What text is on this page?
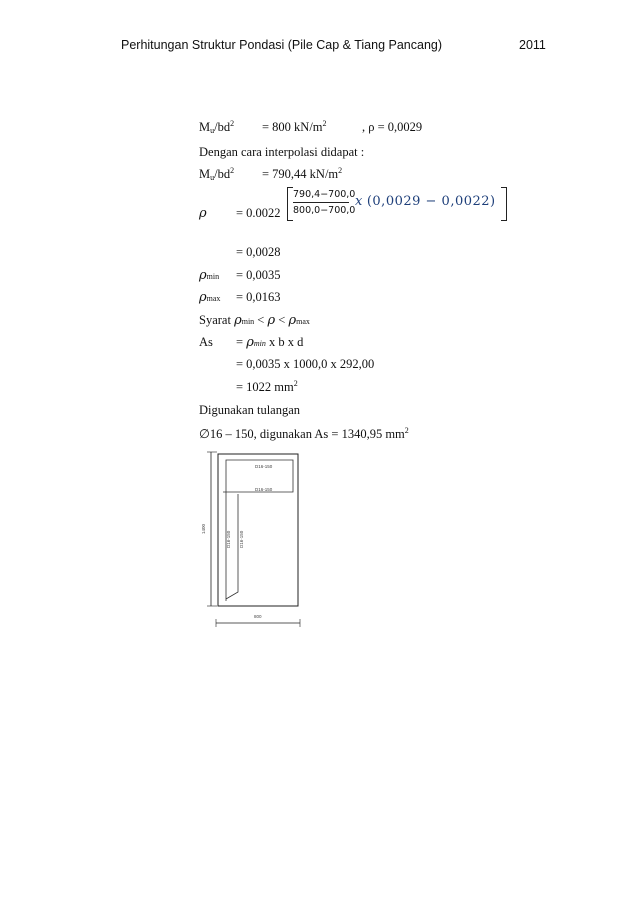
Perhitungan Struktur Pondasi (Pile Cap & Tiang Pancang)	2011
$M_u/bd^2 = 800$ $kN/m^2$	, ρ = 0,0029
Dengan cara interpolasi didapat :
$M_u/bd^2 = 790,44$ $kN/m^2$
$\rho = 0.0022 \frac{790,4-700,0}{800,0-700,0}$ x (0,0029 − 0,0022)
= 0,0028
ρmin = 0,0035
ρmax = 0,0163
Syarat ρmin < ρ < ρmax
As = ρmin x b x d
= 0,0035 x 1000,0 x 292,00
= 1022 $mm^2$
Digunakan tulangan
∅16 – 150, digunakan As = 1340,95 $mm^2$
D16-150
D16-150
D16-150 D16-150
1400
800
